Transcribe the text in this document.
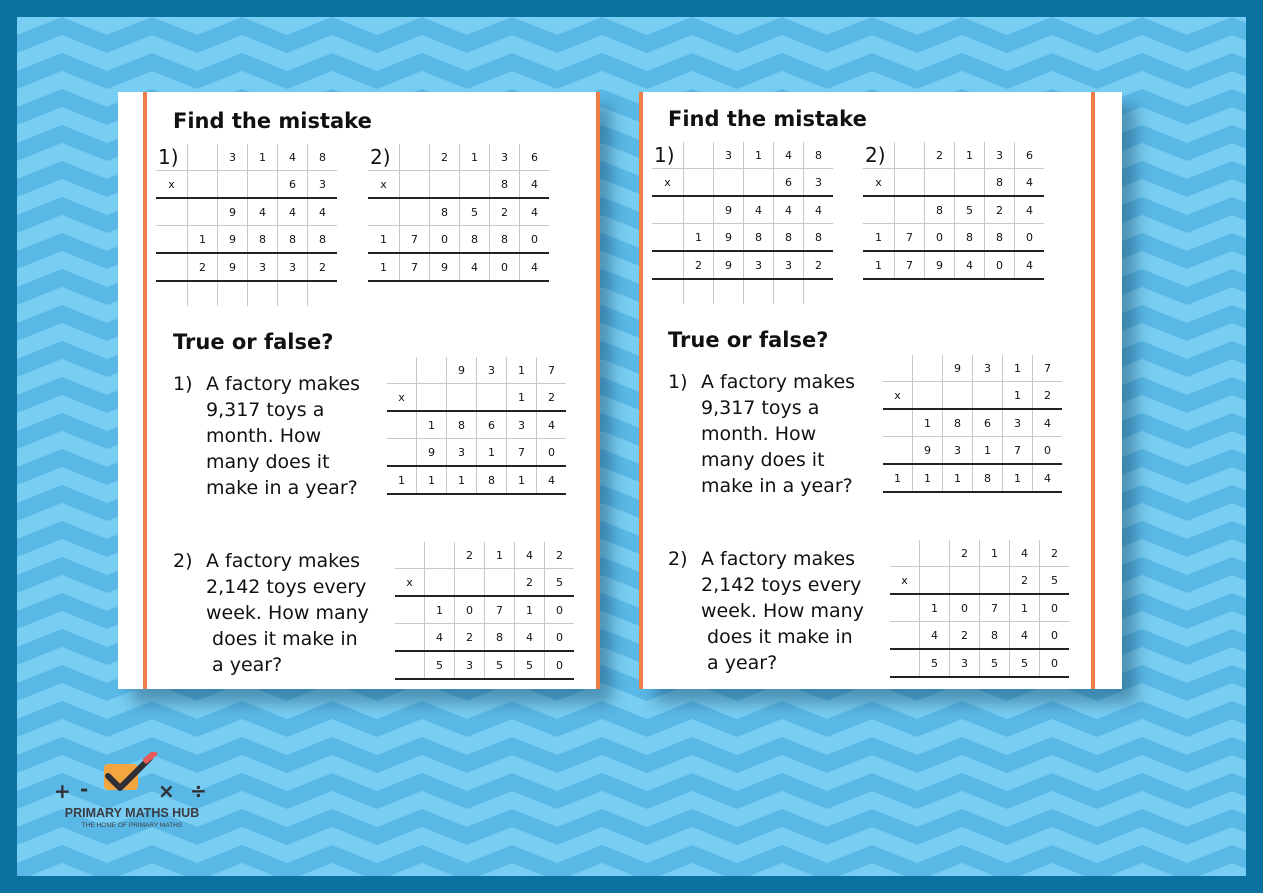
Find the mistake
1)		3	1	4	8
x				6	3
		9	4	4	4
	1	9	8	8	8
	2	9	3	3	2

2)		2	1	3	6
x				8	4
		8	5	2	4
1	7	0	8	8	0
1	7	9	4	0	4
True or false?
1) A factory makes
9,317 toys a
month. How
many does it
make in a year?
		9	3	1	7
x				1	2
	1	8	6	3	4
	9	3	1	7	0
1	1	1	8	1	4
2) A factory makes
2,142 toys every
week. How many
does it make in
a year?
		2	1	4	2
x				2	5
	1	0	7	1	0
	4	2	8	4	0
	5	3	5	5	0
Find the mistake
1)		3	1	4	8
x				6	3
		9	4	4	4
	1	9	8	8	8
	2	9	3	3	2

2)		2	1	3	6
x				8	4
		8	5	2	4
1	7	0	8	8	0
1	7	9	4	0	4
True or false?
1) A factory makes
9,317 toys a
month. How
many does it
make in a year?
		9	3	1	7
x				1	2
	1	8	6	3	4
	9	3	1	7	0
1	1	1	8	1	4
2) A factory makes
2,142 toys every
week. How many
does it make in
a year?
		2	1	4	2
x				2	5
	1	0	7	1	0
	4	2	8	4	0
	5	3	5	5	0
+ -	× ÷
PRIMARY MATHS HUB
THE HOME OF PRIMARY MATHS
